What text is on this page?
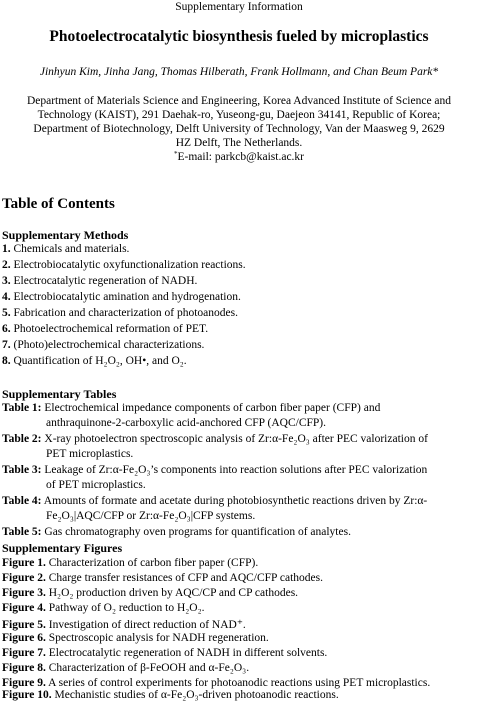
Supplementary Information
Photoelectrocatalytic biosynthesis fueled by microplastics
Jinhyun Kim, Jinha Jang, Thomas Hilberath, Frank Hollmann, and Chan Beum Park*
Department of Materials Science and Engineering, Korea Advanced Institute of Science and
Technology (KAIST), 291 Daehak-ro, Yuseong-gu, Daejeon 34141, Republic of Korea;
Department of Biotechnology, Delft University of Technology, Van der Maasweg 9, 2629
HZ Delft, The Netherlands.
*E-mail: parkcb@kaist.ac.kr
Table of Contents
Supplementary Methods
1. Chemicals and materials.
2. Electrobiocatalytic oxyfunctionalization reactions.
3. Electrocatalytic regeneration of NADH.
4. Electrobiocatalytic amination and hydrogenation.
5. Fabrication and characterization of photoanodes.
6. Photoelectrochemical reformation of PET.
7. (Photo)electrochemical characterizations.
8. Quantification of H₂O₂, OH•, and O₂.
Supplementary Tables
Table 1: Electrochemical impedance components of carbon fiber paper (CFP) and
anthraquinone-2-carboxylic acid-anchored CFP (AQC/CFP).
Table 2: X-ray photoelectron spectroscopic analysis of Zr:α-Fe₂O₃ after PEC valorization of
PET microplastics.
Table 3: Leakage of Zr:α-Fe₂O₃’s components into reaction solutions after PEC valorization
of PET microplastics.
Table 4: Amounts of formate and acetate during photobiosynthetic reactions driven by Zr:α-
Fe₂O₃|AQC/CFP or Zr:α-Fe₂O₃|CFP systems.
Table 5: Gas chromatography oven programs for quantification of analytes.
Supplementary Figures
Figure 1. Characterization of carbon fiber paper (CFP).
Figure 2. Charge transfer resistances of CFP and AQC/CFP cathodes.
Figure 3. H₂O₂ production driven by AQC/CP and CP cathodes.
Figure 4. Pathway of O₂ reduction to H₂O₂.
Figure 5. Investigation of direct reduction of NAD⁺.
Figure 6. Spectroscopic analysis for NADH regeneration.
Figure 7. Electrocatalytic regeneration of NADH in different solvents.
Figure 8. Characterization of β-FeOOH and α-Fe₂O₃.
Figure 9. A series of control experiments for photoanodic reactions using PET microplastics.
Figure 10. Mechanistic studies of α-Fe₂O₃-driven photoanodic reactions.
